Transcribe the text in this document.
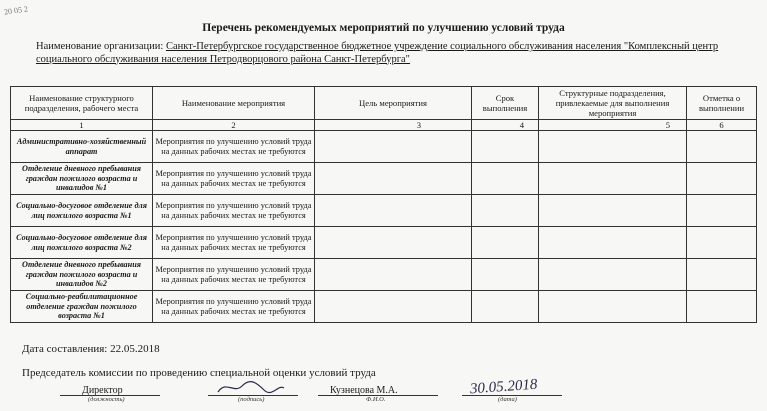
20 05 2
Перечень рекомендуемых мероприятий по улучшению условий труда
Наименование организации: Санкт-Петербургское государственное бюджетное учреждение социального обслуживания населения "Комплексный центр социального обслуживания населения Петродворцового района Санкт-Петербурга"
Наименование структурного подразделения, рабочего места	Наименование мероприятия	Цель мероприятия	Срок выполнения	Структурные подразделения, привлекаемые для выполнения мероприятия	Отметка о выполнении
1	2	3	4	5	6
Административно-хозяйственный аппарат	Мероприятия по улучшению условий труда на данных рабочих местах не требуются				
Отделение дневного пребывания граждан пожилого возраста и инвалидов №1	Мероприятия по улучшению условий труда на данных рабочих местах не требуются				
Социально-досуговое отделение для лиц пожилого возраста №1	Мероприятия по улучшению условий труда на данных рабочих местах не требуются				
Социально-досуговое отделение для лиц пожилого возраста №2	Мероприятия по улучшению условий труда на данных рабочих местах не требуются				
Отделение дневного пребывания граждан пожилого возраста и инвалидов №2	Мероприятия по улучшению условий труда на данных рабочих местах не требуются				
Социально-реабилитационное отделение граждан пожилого возраста №1	Мероприятия по улучшению условий труда на данных рабочих местах не требуются				
Дата составления: 22.05.2018
Председатель комиссии по проведению специальной оценки условий труда
Директор
(должность)	(подпись)
Кузнецова М.А.
Ф.И.О.
30.05.2018
(дата)
